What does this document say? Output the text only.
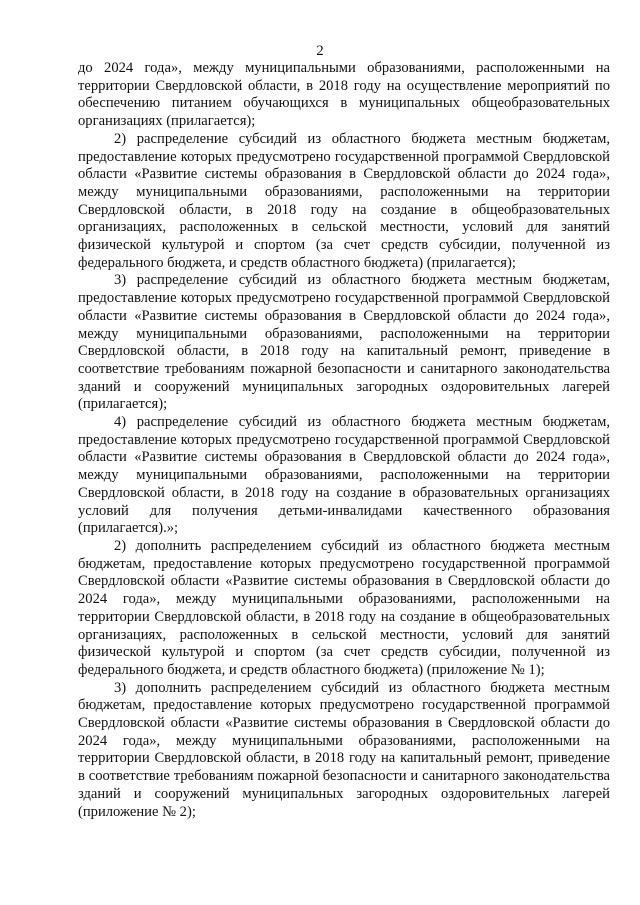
2

до 2024 года», между муниципальными образованиями, расположенными на территории Свердловской области, в 2018 году на осуществление мероприятий по обеспечению питанием обучающихся в муниципальных общеобразовательных организациях (прилагается);

2) распределение субсидий из областного бюджета местным бюджетам, предоставление которых предусмотрено государственной программой Свердловской области «Развитие системы образования в Свердловской области до 2024 года», между муниципальными образованиями, расположенными на территории Свердловской области, в 2018 году на создание в общеобразовательных организациях, расположенных в сельской местности, условий для занятий физической культурой и спортом (за счет средств субсидии, полученной из федерального бюджета, и средств областного бюджета) (прилагается);

3) распределение субсидий из областного бюджета местным бюджетам, предоставление которых предусмотрено государственной программой Свердловской области «Развитие системы образования в Свердловской области до 2024 года», между муниципальными образованиями, расположенными на территории Свердловской области, в 2018 году на капитальный ремонт, приведение в соответствие требованиям пожарной безопасности и санитарного законодательства зданий и сооружений муниципальных загородных оздоровительных лагерей (прилагается);

4) распределение субсидий из областного бюджета местным бюджетам, предоставление которых предусмотрено государственной программой Свердловской области «Развитие системы образования в Свердловской области до 2024 года», между муниципальными образованиями, расположенными на территории Свердловской области, в 2018 году на создание в образовательных организациях условий для получения детьми-инвалидами качественного образования (прилагается).»;

2) дополнить распределением субсидий из областного бюджета местным бюджетам, предоставление которых предусмотрено государственной программой Свердловской области «Развитие системы образования в Свердловской области до 2024 года», между муниципальными образованиями, расположенными на территории Свердловской области, в 2018 году на создание в общеобразовательных организациях, расположенных в сельской местности, условий для занятий физической культурой и спортом (за счет средств субсидии, полученной из федерального бюджета, и средств областного бюджета) (приложение № 1);

3) дополнить распределением субсидий из областного бюджета местным бюджетам, предоставление которых предусмотрено государственной программой Свердловской области «Развитие системы образования в Свердловской области до 2024 года», между муниципальными образованиями, расположенными на территории Свердловской области, в 2018 году на капитальный ремонт, приведение в соответствие требованиям пожарной безопасности и санитарного законодательства зданий и сооружений муниципальных загородных оздоровительных лагерей (приложение № 2);
